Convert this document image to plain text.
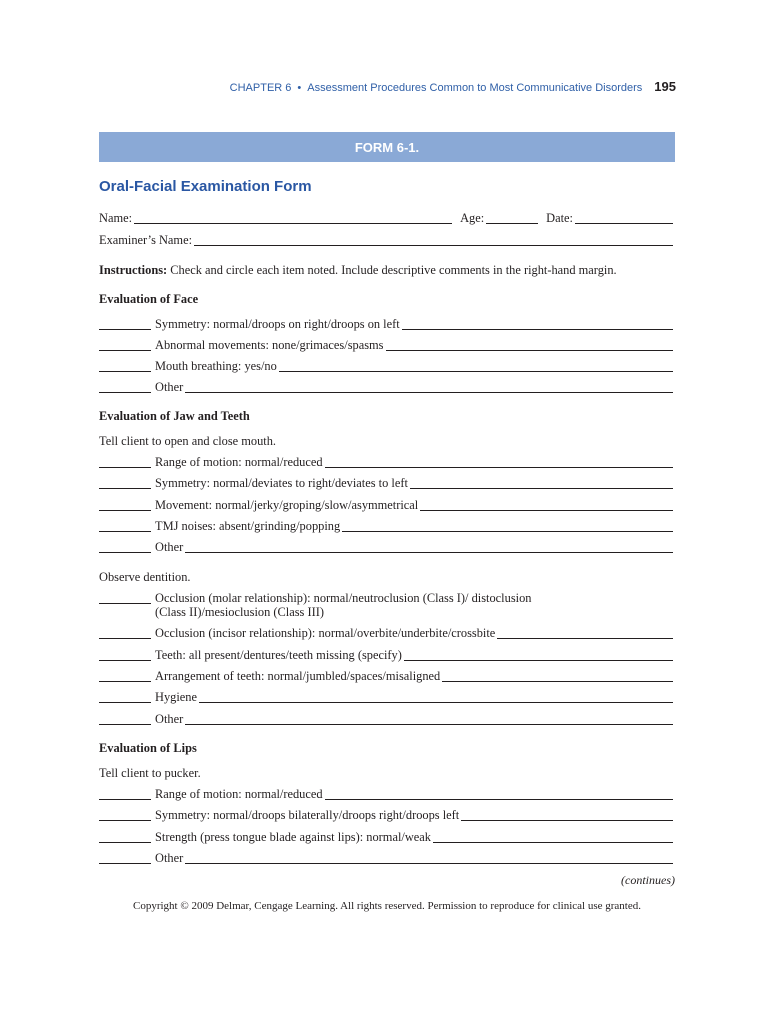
CHAPTER 6 • Assessment Procedures Common to Most Communicative Disorders 195
FORM 6-1.
Oral-Facial Examination Form
Name:	Age:	Date:
Examiner’s Name:
Instructions: Check and circle each item noted. Include descriptive comments in the right-hand margin.
Evaluation of Face
Symmetry: normal/droops on right/droops on left
Abnormal movements: none/grimaces/spasms
Mouth breathing: yes/no
Other
Evaluation of Jaw and Teeth
Tell client to open and close mouth.
Range of motion: normal/reduced
Symmetry: normal/deviates to right/deviates to left
Movement: normal/jerky/groping/slow/asymmetrical
TMJ noises: absent/grinding/popping
Other
Observe dentition.
Occlusion (molar relationship): normal/neutroclusion (Class I)/ distoclusion
(Class II)/mesioclusion (Class III)
Occlusion (incisor relationship): normal/overbite/underbite/crossbite
Teeth: all present/dentures/teeth missing (specify)
Arrangement of teeth: normal/jumbled/spaces/misaligned
Hygiene
Other
Evaluation of Lips
Tell client to pucker.
Range of motion: normal/reduced
Symmetry: normal/droops bilaterally/droops right/droops left
Strength (press tongue blade against lips): normal/weak
Other
(continues)
Copyright © 2009 Delmar, Cengage Learning. All rights reserved. Permission to reproduce for clinical use granted.
